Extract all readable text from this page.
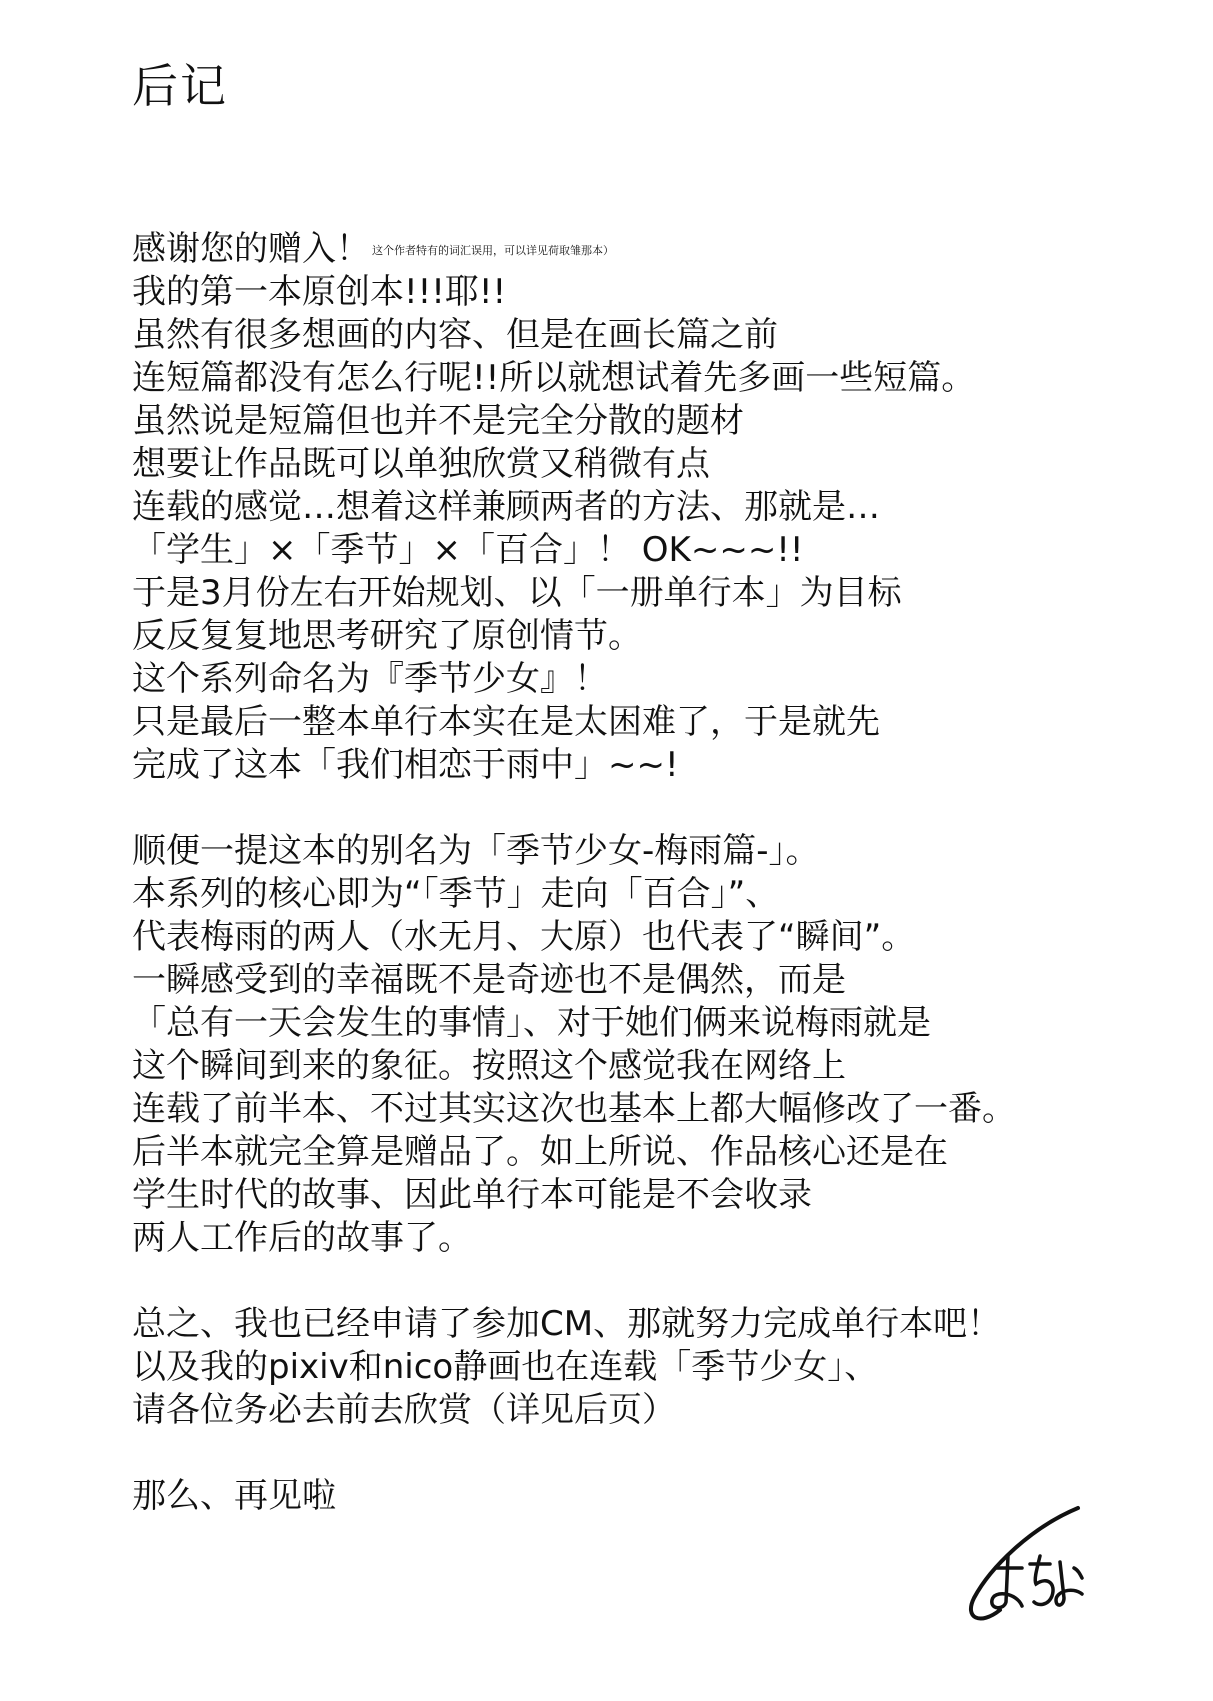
后记
感谢您的赠入！ 这个作者特有的词汇误用，可以详见荷取雏那本）
我的第一本原创本!!!耶!!
虽然有很多想画的内容、但是在画长篇之前
连短篇都没有怎么行呢!!所以就想试着先多画一些短篇。
虽然说是短篇但也并不是完全分散的题材
想要让作品既可以单独欣赏又稍微有点
连载的感觉…想着这样兼顾两者的方法、那就是…
「学生」×「季节」×「百合」！ OK~~~!!
于是3月份左右开始规划、以「一册单行本」为目标
反反复复地思考研究了原创情节。
这个系列命名为『季节少女』！
只是最后一整本单行本实在是太困难了，于是就先
完成了这本「我们相恋于雨中」~~!
顺便一提这本的别名为「季节少女-梅雨篇-」。
本系列的核心即为“「季节」走向「百合」”、
代表梅雨的两人（水无月、大原）也代表了“瞬间”。
一瞬感受到的幸福既不是奇迹也不是偶然，而是
「总有一天会发生的事情」、对于她们俩来说梅雨就是
这个瞬间到来的象征。按照这个感觉我在网络上
连载了前半本、不过其实这次也基本上都大幅修改了一番。
后半本就完全算是赠品了。如上所说、作品核心还是在
学生时代的故事、因此单行本可能是不会收录
两人工作后的故事了。
总之、我也已经申请了参加CM、那就努力完成单行本吧！
以及我的pixiv和nico静画也在连载「季节少女」、
请各位务必去前去欣赏（详见后页）
那么、再见啦
